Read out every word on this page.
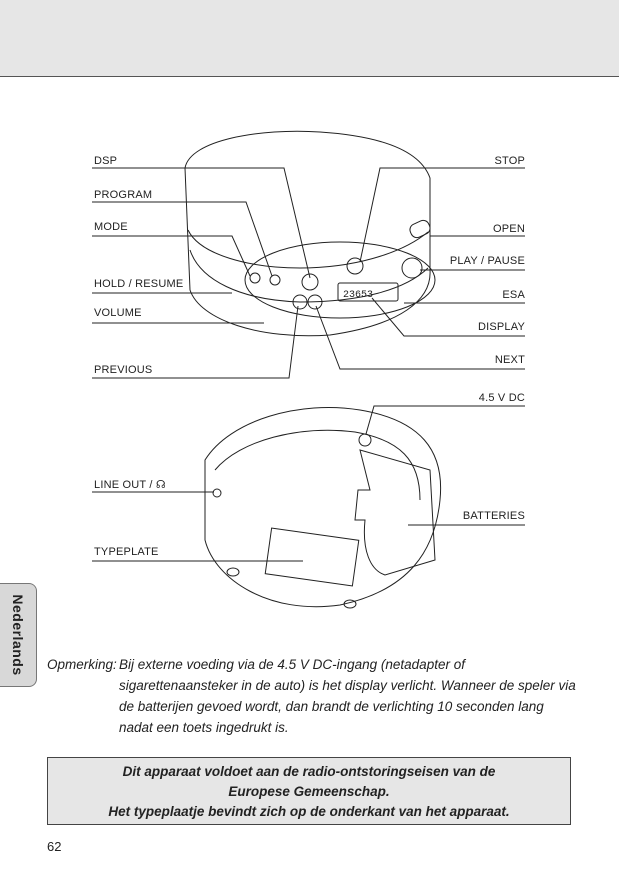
23653
DSP
PROGRAM
MODE
HOLD / RESUME
VOLUME
PREVIOUS
LINE OUT / ☊
TYPEPLATE
STOP
OPEN
PLAY / PAUSE
ESA
DISPLAY
NEXT
4.5 V DC
BATTERIES
Nederlands Opmerking: Bij externe voeding via de 4.5 V DC-ingang (netadapter of sigarettenaansteker in de auto) is het display verlicht. Wanneer de speler via de batterijen gevoed wordt, dan brandt de verlichting 10 seconden lang nadat een toets ingedrukt is.
Dit apparaat voldoet aan de radio-ontstoringseisen van de
Europese Gemeenschap.
Het typeplaatje bevindt zich op de onderkant van het apparaat.
62
